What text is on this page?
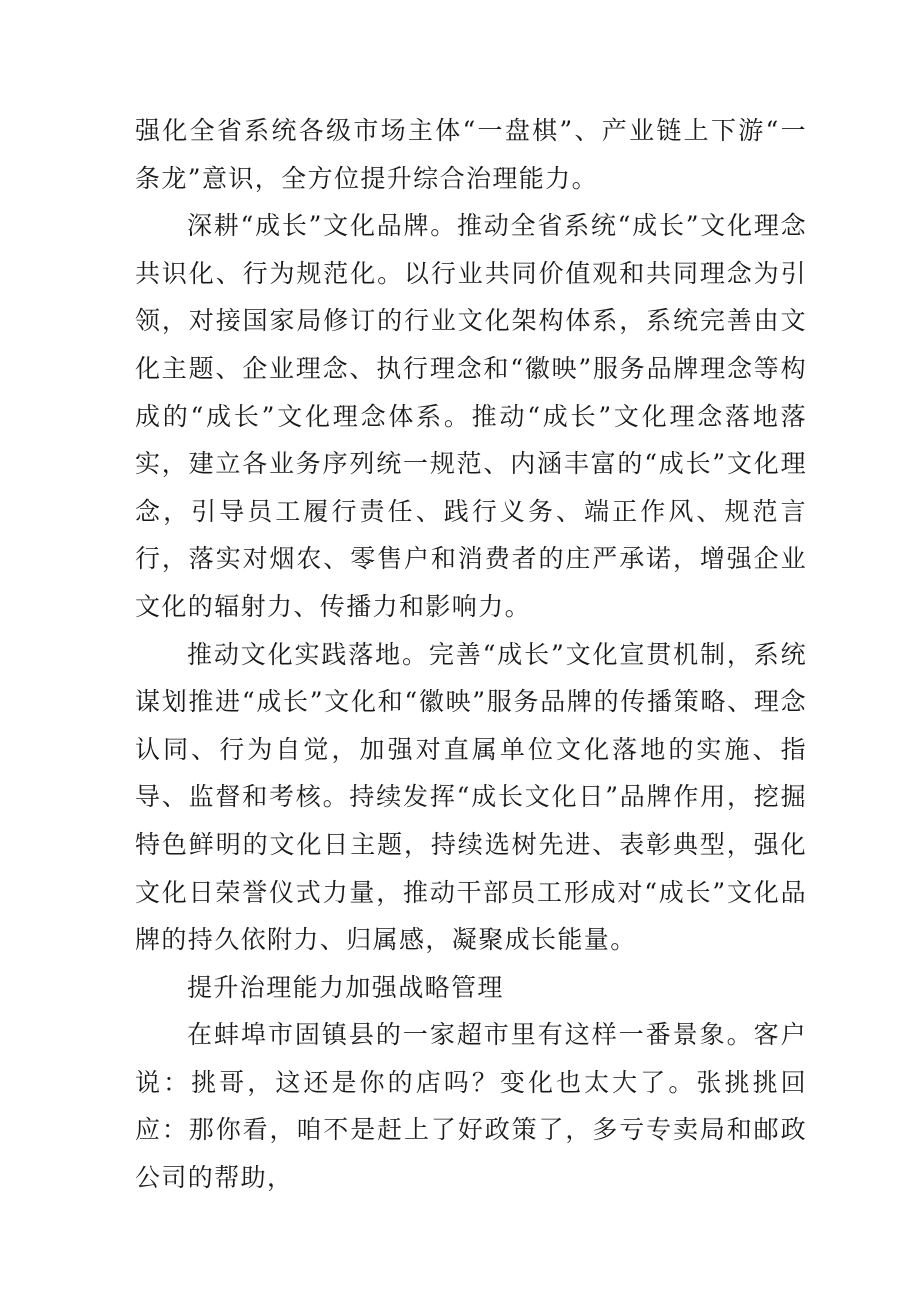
强化全省系统各级市场主体“一盘棋”、产业链上下游“一条龙”意识，全方位提升综合治理能力。

深耕“成长”文化品牌。推动全省系统“成长”文化理念共识化、行为规范化。以行业共同价值观和共同理念为引领，对接国家局修订的行业文化架构体系，系统完善由文化主题、企业理念、执行理念和“徽映”服务品牌理念等构成的“成长”文化理念体系。推动“成长”文化理念落地落实，建立各业务序列统一规范、内涵丰富的“成长”文化理念，引导员工履行责任、践行义务、端正作风、规范言行，落实对烟农、零售户和消费者的庄严承诺，增强企业文化的辐射力、传播力和影响力。

推动文化实践落地。完善“成长”文化宣贯机制，系统谋划推进“成长”文化和“徽映”服务品牌的传播策略、理念认同、行为自觉，加强对直属单位文化落地的实施、指导、监督和考核。持续发挥“成长文化日”品牌作用，挖掘特色鲜明的文化日主题，持续选树先进、表彰典型，强化文化日荣誉仪式力量，推动干部员工形成对“成长”文化品牌的持久依附力、归属感，凝聚成长能量。

提升治理能力加强战略管理

在蚌埠市固镇县的一家超市里有这样一番景象。客户说：挑哥，这还是你的店吗？变化也太大了。张挑挑回应：那你看，咱不是赶上了好政策了，多亏专卖局和邮政公司的帮助，
